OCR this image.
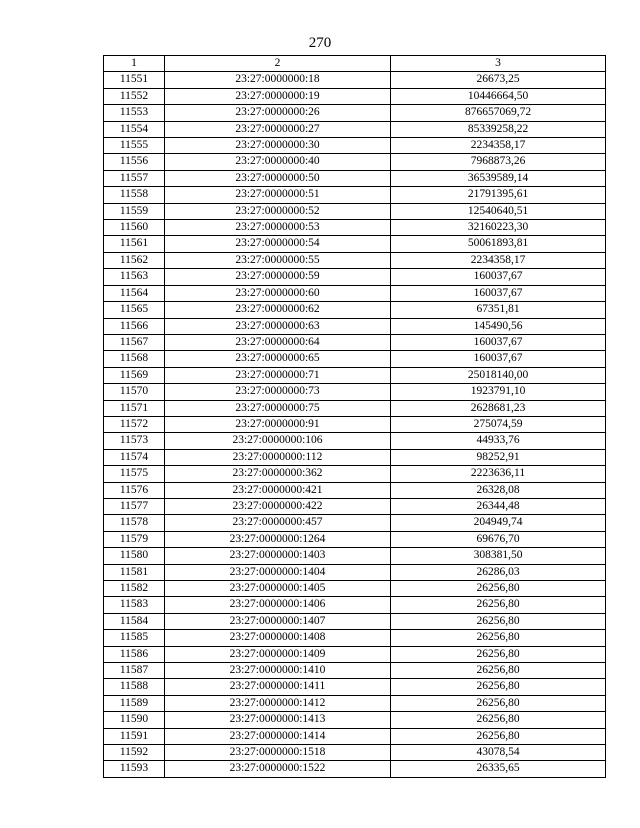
270
1	2	3
11551	23:27:0000000:18	26673,25
11552	23:27:0000000:19	10446664,50
11553	23:27:0000000:26	876657069,72
11554	23:27:0000000:27	85339258,22
11555	23:27:0000000:30	2234358,17
11556	23:27:0000000:40	7968873,26
11557	23:27:0000000:50	36539589,14
11558	23:27:0000000:51	21791395,61
11559	23:27:0000000:52	12540640,51
11560	23:27:0000000:53	32160223,30
11561	23:27:0000000:54	50061893,81
11562	23:27:0000000:55	2234358,17
11563	23:27:0000000:59	160037,67
11564	23:27:0000000:60	160037,67
11565	23:27:0000000:62	67351,81
11566	23:27:0000000:63	145490,56
11567	23:27:0000000:64	160037,67
11568	23:27:0000000:65	160037,67
11569	23:27:0000000:71	25018140,00
11570	23:27:0000000:73	1923791,10
11571	23:27:0000000:75	2628681,23
11572	23:27:0000000:91	275074,59
11573	23:27:0000000:106	44933,76
11574	23:27:0000000:112	98252,91
11575	23:27:0000000:362	2223636,11
11576	23:27:0000000:421	26328,08
11577	23:27:0000000:422	26344,48
11578	23:27:0000000:457	204949,74
11579	23:27:0000000:1264	69676,70
11580	23:27:0000000:1403	308381,50
11581	23:27:0000000:1404	26286,03
11582	23:27:0000000:1405	26256,80
11583	23:27:0000000:1406	26256,80
11584	23:27:0000000:1407	26256,80
11585	23:27:0000000:1408	26256,80
11586	23:27:0000000:1409	26256,80
11587	23:27:0000000:1410	26256,80
11588	23:27:0000000:1411	26256,80
11589	23:27:0000000:1412	26256,80
11590	23:27:0000000:1413	26256,80
11591	23:27:0000000:1414	26256,80
11592	23:27:0000000:1518	43078,54
11593	23:27:0000000:1522	26335,65
